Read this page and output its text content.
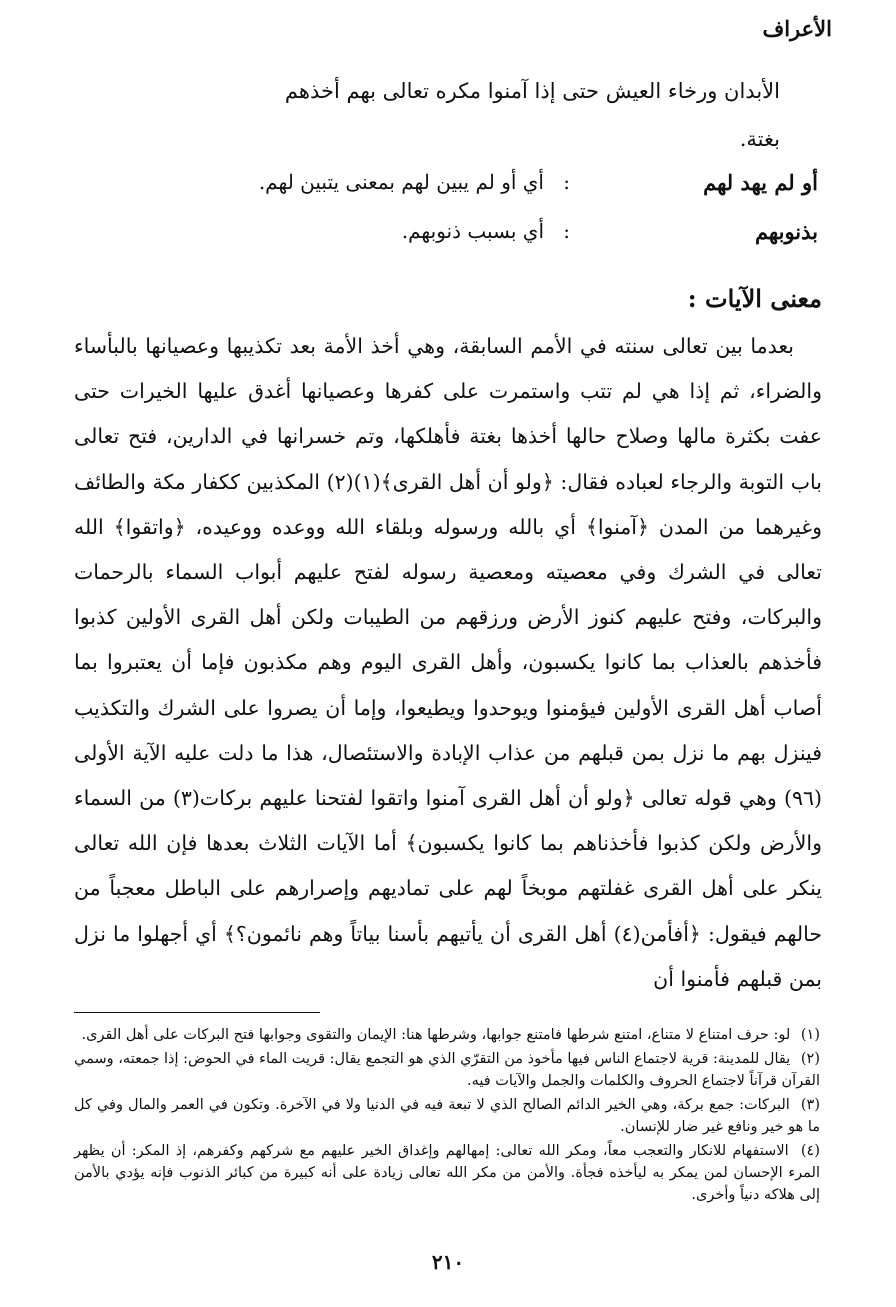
الأعراف
الأبدان ورخاء العيش حتى إذا آمنوا مكره تعالى بهم أخذهم
بغتة.
أو لم يهد لهم
:
أي أو لم يبين لهم بمعنى يتبين لهم.
بذنوبهم
:
أي بسبب ذنوبهم.
معنى الآيات :

بعدما بين تعالى سنته في الأمم السابقة، وهي أخذ الأمة بعد تكذيبها وعصيانها بالبأساء والضراء، ثم إذا هي لم تتب واستمرت على كفرها وعصيانها أغدق عليها الخيرات حتى عفت بكثرة مالها وصلاح حالها أخذها بغتة فأهلكها، وتم خسرانها في الدارين، فتح تعالى باب التوبة والرجاء لعباده فقال: ﴿ولو أن أهل القرى﴾(١)(٢) المكذبين ككفار مكة والطائف وغيرهما من المدن ﴿آمنوا﴾ أي بالله ورسوله وبلقاء الله ووعده ووعيده، ﴿واتقوا﴾ الله تعالى في الشرك وفي معصيته ومعصية رسوله لفتح عليهم أبواب السماء بالرحمات والبركات، وفتح عليهم كنوز الأرض ورزقهم من الطيبات ولكن أهل القرى الأولين كذبوا فأخذهم بالعذاب بما كانوا يكسبون، وأهل القرى اليوم وهم مكذبون فإما أن يعتبروا بما أصاب أهل القرى الأولين فيؤمنوا ويوحدوا ويطيعوا، وإما أن يصروا على الشرك والتكذيب فينزل بهم ما نزل بمن قبلهم من عذاب الإبادة والاستئصال، هذا ما دلت عليه الآية الأولى (٩٦) وهي قوله تعالى ﴿ولو أن أهل القرى آمنوا واتقوا لفتحنا عليهم بركات(٣) من السماء والأرض ولكن كذبوا فأخذناهم بما كانوا يكسبون﴾ أما الآيات الثلاث بعدها فإن الله تعالى ينكر على أهل القرى غفلتهم موبخاً لهم على تماديهم وإصرارهم على الباطل معجباً من حالهم فيقول: ﴿أفأمن(٤) أهل القرى أن يأتيهم بأسنا بياتاً وهم نائمون؟﴾ أي أجهلوا ما نزل بمن قبلهم فأمنوا أن

(١) لو: حرف امتناع لا متناع، امتنع شرطها فامتنع جوابها، وشرطها هنا: الإيمان والتقوى وجوابها فتح البركات على أهل القرى.

(٢) يقال للمدينة: قرية لاجتماع الناس فيها مأخوذ من التقرّي الذي هو التجمع يقال: قريت الماء في الحوض: إذا جمعته، وسمي القرآن قرآناً لاجتماع الحروف والكلمات والجمل والآيات فيه.

(٣) البركات: جمع بركة، وهي الخير الدائم الصالح الذي لا تبعة فيه في الدنيا ولا في الآخرة. وتكون في العمر والمال وفي كل ما هو خير ونافع غير ضار للإنسان.

(٤) الاستفهام للانكار والتعجب معاً، ومكر الله تعالى: إمهالهم وإغداق الخير عليهم مع شركهم وكفرهم، إذ المكر: أن يظهر المرء الإحسان لمن يمكر به ليأخذه فجأة. والأمن من مكر الله تعالى زيادة على أنه كبيرة من كبائر الذنوب فإنه يؤدي بالأمن إلى هلاكه دنياً وأخرى.

٢١٠
